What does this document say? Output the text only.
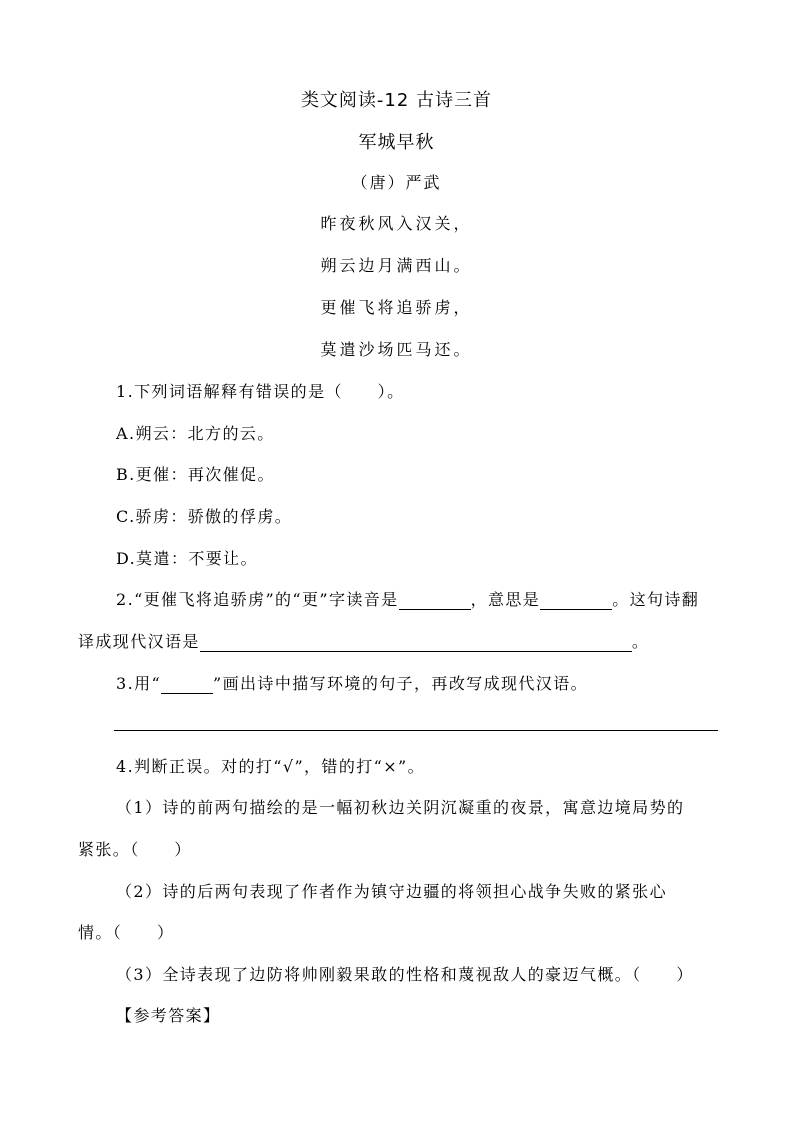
类文阅读-12 古诗三首
军城早秋
（唐）严武
昨夜秋风入汉关，
朔云边月满西山。
更催飞将追骄虏，
莫遣沙场匹马还。
1.下列词语解释有错误的是（　　）。
A.朔云：北方的云。
B.更催：再次催促。
C.骄虏：骄傲的俘虏。
D.莫遣：不要让。
2.“更催飞将追骄虏”的“更”字读音是	，意思是	。这句诗翻
译成现代汉语是	。
3.用“	”画出诗中描写环境的句子，再改写成现代汉语。
4.判断正误。对的打“√”，错的打“×”。
（1）诗的前两句描绘的是一幅初秋边关阴沉凝重的夜景，寓意边境局势的
紧张。（　　）
（2）诗的后两句表现了作者作为镇守边疆的将领担心战争失败的紧张心
情。（　　）
（3）全诗表现了边防将帅刚毅果敢的性格和蔑视敌人的豪迈气概。（　　）
【参考答案】
